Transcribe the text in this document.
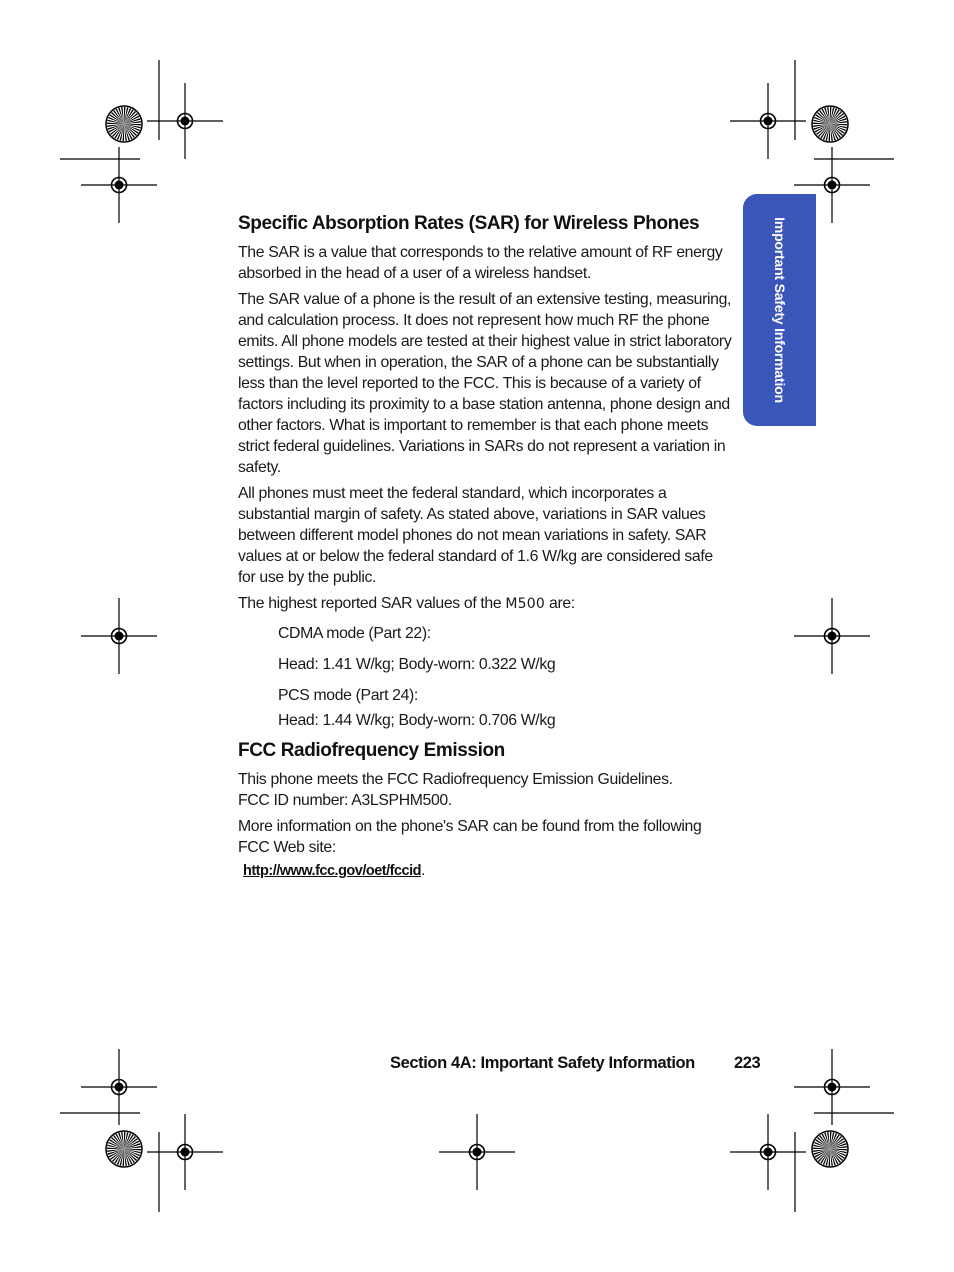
Important Safety Information
Specific Absorption Rates (SAR) for Wireless Phones

The SAR is a value that corresponds to the relative amount of RF energy absorbed in the head of a user of a wireless handset.

The SAR value of a phone is the result of an extensive testing, measuring, and calculation process. It does not represent how much RF the phone emits. All phone models are tested at their highest value in strict laboratory settings. But when in operation, the SAR of a phone can be substantially less than the level reported to the FCC. This is because of a variety of factors including its proximity to a base station antenna, phone design and other factors. What is important to remember is that each phone meets strict federal guidelines. Variations in SARs do not represent a variation in safety.

All phones must meet the federal standard, which incorporates a substantial margin of safety. As stated above, variations in SAR values between different model phones do not mean variations in safety. SAR values at or below the federal standard of 1.6 W/kg are considered safe for use by the public.

The highest reported SAR values of the M500 are:

CDMA mode (Part 22):

Head: 1.41 W/kg; Body-worn: 0.322 W/kg

PCS mode (Part 24):

Head: 1.44 W/kg; Body-worn: 0.706 W/kg

FCC Radiofrequency Emission

This phone meets the FCC Radiofrequency Emission Guidelines.

FCC ID number: A3LSPHM500.

More information on the phone's SAR can be found from the following FCC Web site:

http://www.fcc.gov/oet/fccid.

Section 4A: Important Safety Information 223
